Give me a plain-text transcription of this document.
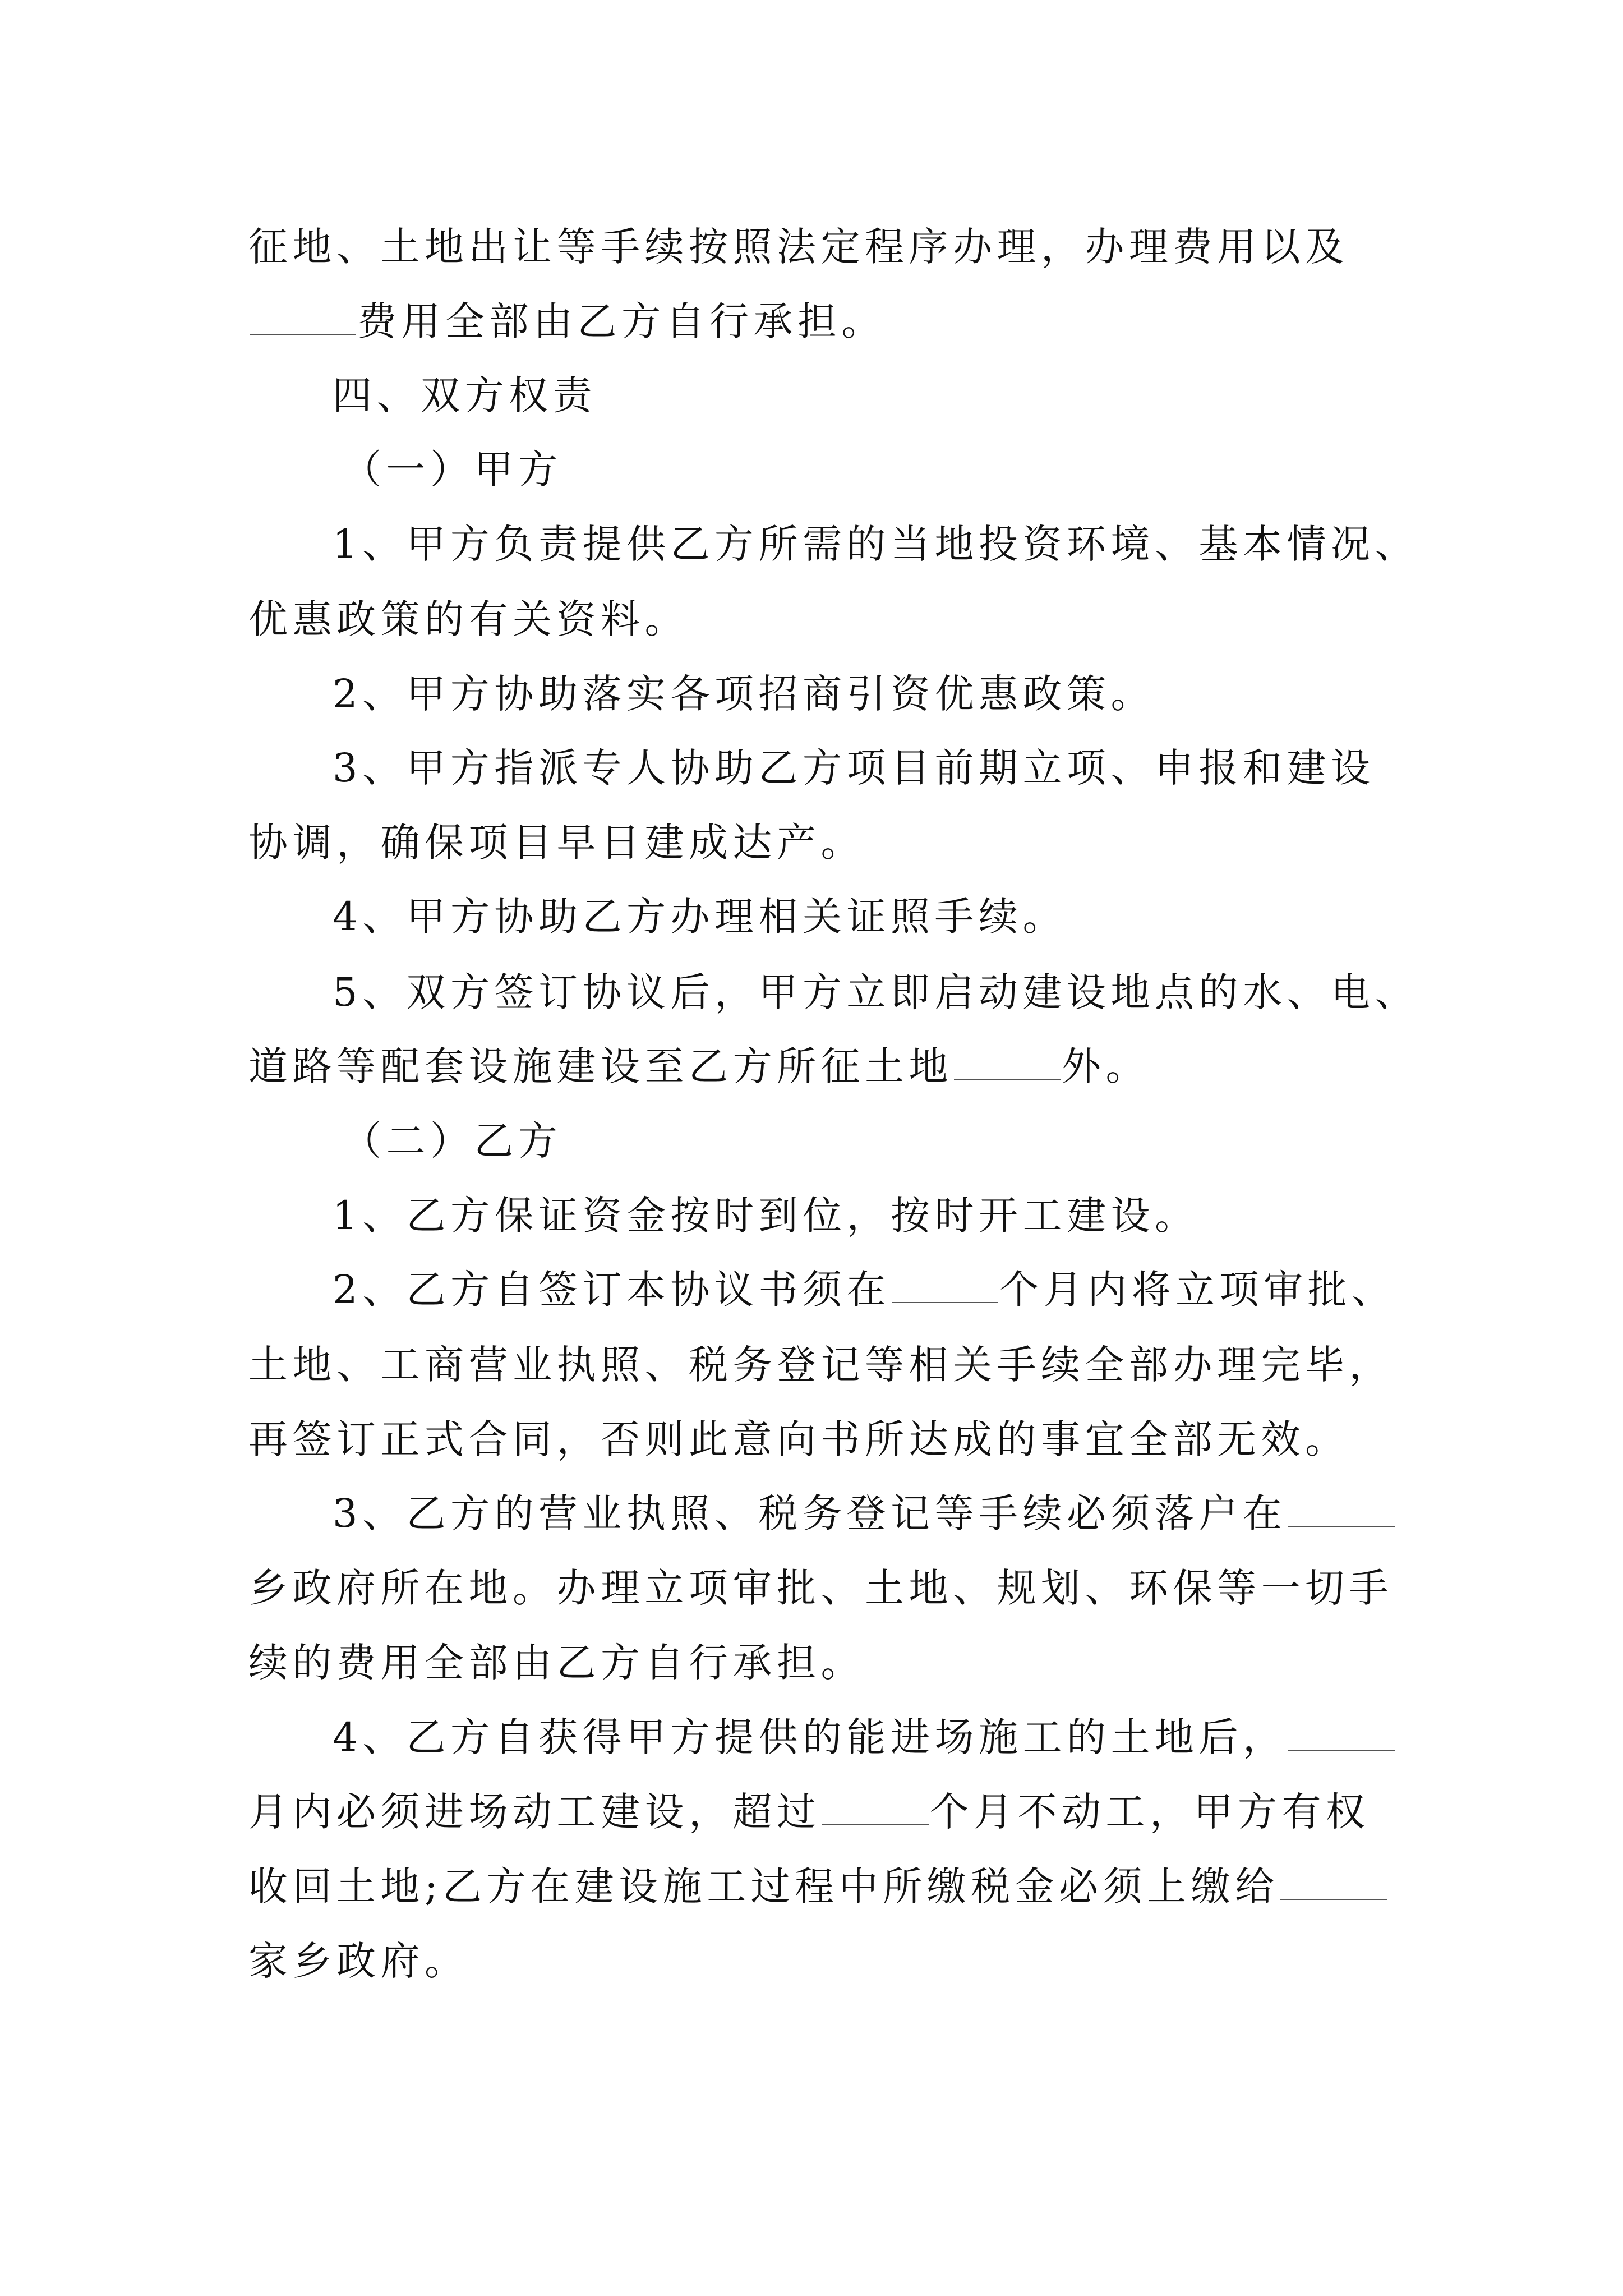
征地、土地出让等手续按照法定程序办理，办理费用以及
费用全部由乙方自行承担。
四、双方权责
（一）甲方
1、甲方负责提供乙方所需的当地投资环境、基本情况、
优惠政策的有关资料。
2、甲方协助落实各项招商引资优惠政策。
3、甲方指派专人协助乙方项目前期立项、申报和建设
协调，确保项目早日建成达产。
4、甲方协助乙方办理相关证照手续。
5、双方签订协议后，甲方立即启动建设地点的水、电、
道路等配套设施建设至乙方所征土地	外。
（二）乙方
1、乙方保证资金按时到位，按时开工建设。
2、乙方自签订本协议书须在	个月内将立项审批、
土地、工商营业执照、税务登记等相关手续全部办理完毕，
再签订正式合同，否则此意向书所达成的事宜全部无效。
3、乙方的营业执照、税务登记等手续必须落户在
乡政府所在地。办理立项审批、土地、规划、环保等一切手
续的费用全部由乙方自行承担。
4、乙方自获得甲方提供的能进场施工的土地后，
月内必须进场动工建设，超过	个月不动工，甲方有权
收回土地;乙方在建设施工过程中所缴税金必须上缴给
家乡政府。
